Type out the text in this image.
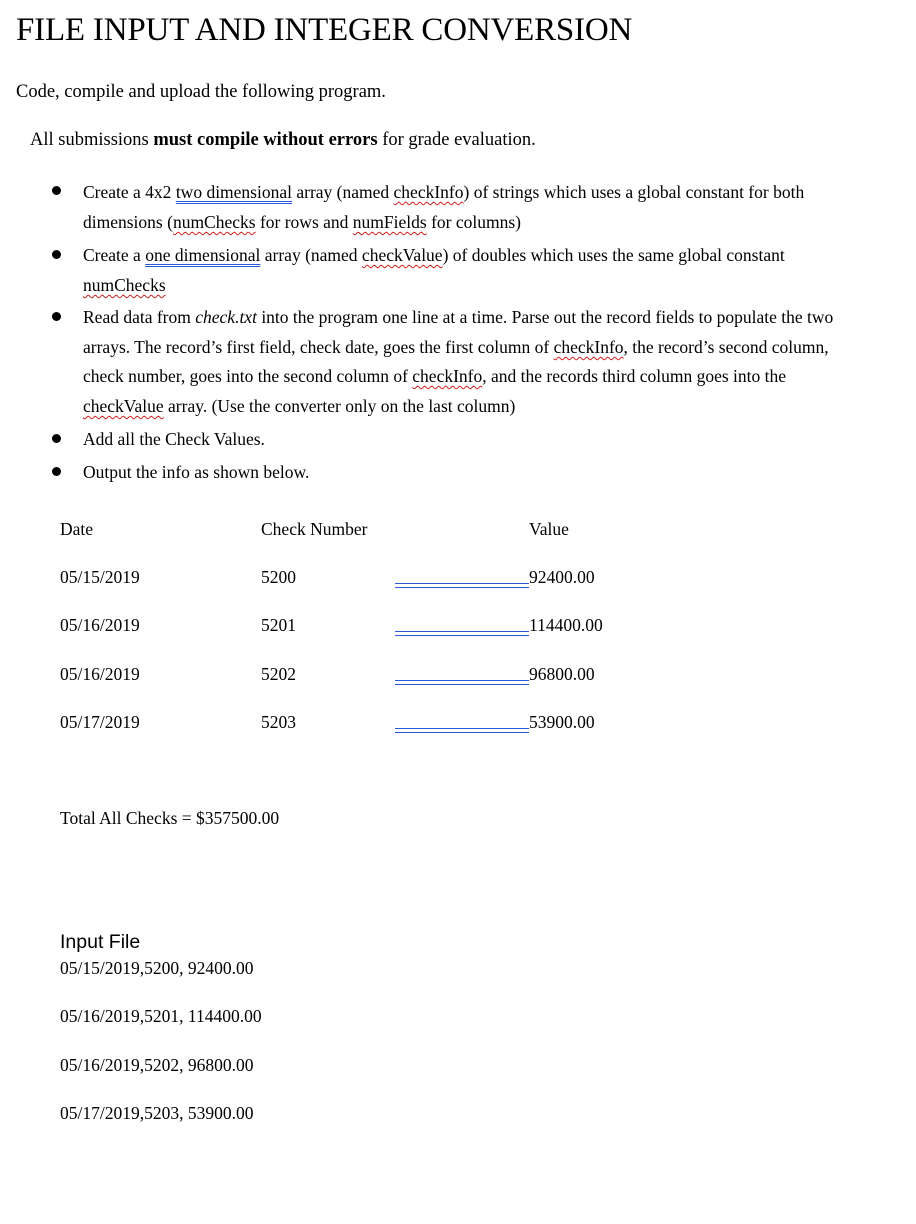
FILE INPUT AND INTEGER CONVERSION
Code, compile and upload the following program.
All submissions must compile without errors for grade evaluation.
Create a 4x2 two dimensional array (named checkInfo) of strings which uses a global constant for both
dimensions (numChecks for rows and numFields for columns)
Create a one dimensional array (named checkValue) of doubles which uses the same global constant
numChecks
Read data from check.txt into the program one line at a time. Parse out the record fields to populate the two
arrays. The record’s first field, check date, goes the first column of checkInfo, the record’s second column,
check number, goes into the second column of checkInfo, and the records third column goes into the
checkValue array. (Use the converter only on the last column)
Add all the Check Values.
Output the info as shown below.
Date	Check Number	Value
05/15/2019	5200	92400.00
05/16/2019	5201	114400.00
05/16/2019	5202	96800.00
05/17/2019	5203	53900.00
Total All Checks = $357500.00
Input File
05/15/2019,5200, 92400.00
05/16/2019,5201, 114400.00
05/16/2019,5202, 96800.00
05/17/2019,5203, 53900.00
